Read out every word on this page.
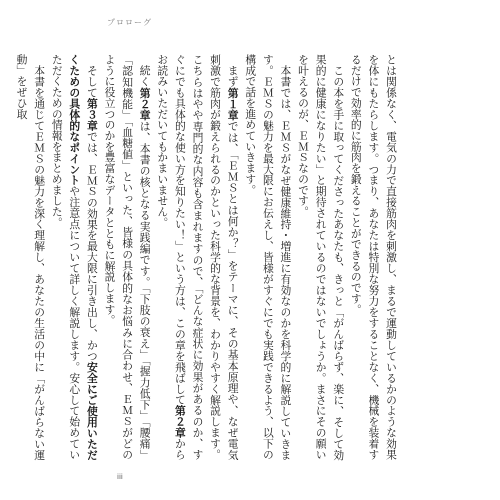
プロローグ

とは関係なく、電気の力で直接筋肉を刺激し、まるで運動しているかのような効果を体にもたらします。つまり、あなたは特別な努力をすることなく、機械を装着するだけで効率的に筋肉を鍛えることができるのです。

この本を手に取ってくださったあなたも、きっと「がんばらず、楽に、そして効果的に健康になりたい」と期待されているのではないでしょうか。まさにその願いを叶えるのが、ＥＭＳなのです。

本書では、ＥＭＳがなぜ健康維持・増進に有効なのかを科学的に解説していきます。ＥＭＳの魅力を最大限にお伝えし、皆様がすぐにでも実践できるよう、以下の構成で話を進めていきます。

まず第１章では、「ＥＭＳとは何か？」をテーマに、その基本原理や、なぜ電気刺激で筋肉が鍛えられるのかといった科学的な背景を、わかりやすく解説します。こちらはやや専門的な内容も含まれますので、「どんな症状に効果があるのか、すぐにでも具体的な使い方を知りたい！」という方は、この章を飛ばして第２章からお読みいただいてもかまいません。

続く第２章は、本書の核となる実践編です。「下肢の衰え」「握力低下」「腰痛」「認知機能」「血糖値」といった、皆様の具体的なお悩みに合わせ、ＥＭＳがどのように役立つのかを豊富なデータとともに解説します。

そして第３章では、ＥＭＳの効果を最大限に引き出し、かつ安全にご使用いただくための具体的なポイントや注意点について詳しく解説します。安心して始めていただくための情報をまとめました。

本書を通じてＥＭＳの魅力を深く理解し、あなたの生活の中に「がんばらない運動」をぜひ取

iii
